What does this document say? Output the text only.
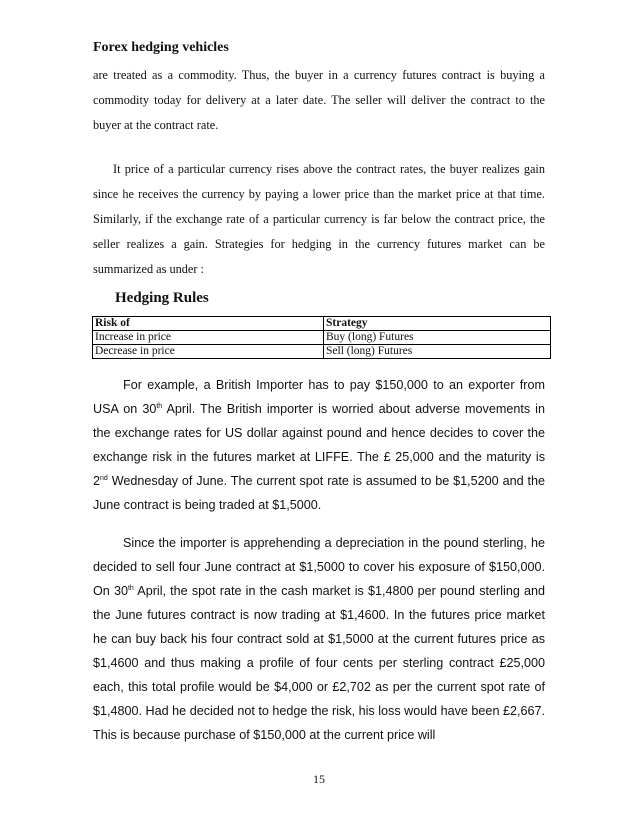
Forex hedging vehicles
are treated as a commodity. Thus, the buyer in a currency futures contract is buying a commodity today for delivery at a later date. The seller will deliver the contract to the buyer at the contract rate.
It price of a particular currency rises above the contract rates, the buyer realizes gain since he receives the currency by paying a lower price than the market price at that time. Similarly, if the exchange rate of a particular currency is far below the contract price, the seller realizes a gain. Strategies for hedging in the currency futures market can be summarized as under :
Hedging Rules
Risk of	Strategy
Increase in price	Buy (long) Futures
Decrease in price	Sell (long) Futures
For example, a British Importer has to pay $150,000 to an exporter from USA on 30th April. The British importer is worried about adverse movements in the exchange rates for US dollar against pound and hence decides to cover the exchange risk in the futures market at LIFFE. The £ 25,000 and the maturity is 2nd Wednesday of June. The current spot rate is assumed to be $1,5200 and the June contract is being traded at $1,5000.
Since the importer is apprehending a depreciation in the pound sterling, he decided to sell four June contract at $1,5000 to cover his exposure of $150,000. On 30th April, the spot rate in the cash market is $1,4800 per pound sterling and the June futures contract is now trading at $1,4600. In the futures price market he can buy back his four contract sold at $1,5000 at the current futures price as $1,4600 and thus making a profile of four cents per sterling contract £25,000 each, this total profile would be $4,000 or £2,702 as per the current spot rate of $1,4800. Had he decided not to hedge the risk, his loss would have been £2,667. This is because purchase of $150,000 at the current price will
15
